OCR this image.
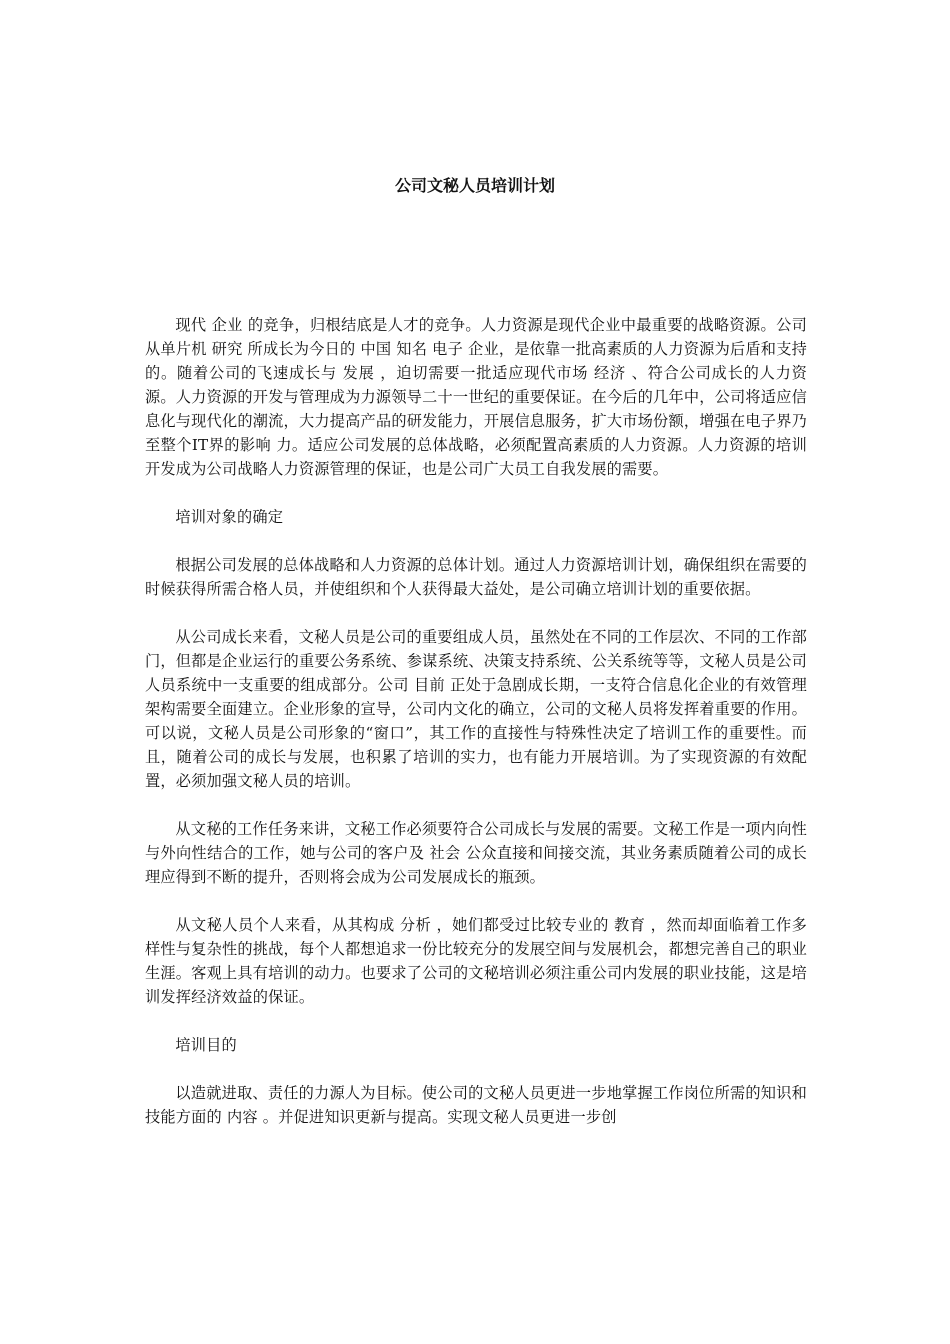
公司文秘人员培训计划

现代 企业 的竞争，归根结底是人才的竞争。人力资源是现代企业中最重要的战略资源。公司从单片机 研究 所成长为今日的 中国 知名 电子 企业，是依靠一批高素质的人力资源为后盾和支持的。随着公司的飞速成长与 发展 ，迫切需要一批适应现代市场 经济 、符合公司成长的人力资源。人力资源的开发与管理成为力源领导二十一世纪的重要保证。在今后的几年中，公司将适应信息化与现代化的潮流，大力提高产品的研发能力，开展信息服务，扩大市场份额，增强在电子界乃至整个IT界的影响 力。适应公司发展的总体战略，必须配置高素质的人力资源。人力资源的培训开发成为公司战略人力资源管理的保证，也是公司广大员工自我发展的需要。

培训对象的确定

根据公司发展的总体战略和人力资源的总体计划。通过人力资源培训计划，确保组织在需要的时候获得所需合格人员，并使组织和个人获得最大益处，是公司确立培训计划的重要依据。

从公司成长来看，文秘人员是公司的重要组成人员，虽然处在不同的工作层次、不同的工作部门，但都是企业运行的重要公务系统、参谋系统、决策支持系统、公关系统等等，文秘人员是公司人员系统中一支重要的组成部分。公司 目前 正处于急剧成长期，一支符合信息化企业的有效管理架构需要全面建立。企业形象的宣导，公司内文化的确立，公司的文秘人员将发挥着重要的作用。可以说，文秘人员是公司形象的“窗口”，其工作的直接性与特殊性决定了培训工作的重要性。而且，随着公司的成长与发展，也积累了培训的实力，也有能力开展培训。为了实现资源的有效配置，必须加强文秘人员的培训。

从文秘的工作任务来讲，文秘工作必须要符合公司成长与发展的需要。文秘工作是一项内向性与外向性结合的工作，她与公司的客户及 社会 公众直接和间接交流，其业务素质随着公司的成长理应得到不断的提升，否则将会成为公司发展成长的瓶颈。

从文秘人员个人来看，从其构成 分析 ，她们都受过比较专业的 教育 ，然而却面临着工作多样性与复杂性的挑战，每个人都想追求一份比较充分的发展空间与发展机会，都想完善自己的职业生涯。客观上具有培训的动力。也要求了公司的文秘培训必须注重公司内发展的职业技能，这是培训发挥经济效益的保证。

培训目的

以造就进取、责任的力源人为目标。使公司的文秘人员更进一步地掌握工作岗位所需的知识和技能方面的 内容 。并促进知识更新与提高。实现文秘人员更进一步创
